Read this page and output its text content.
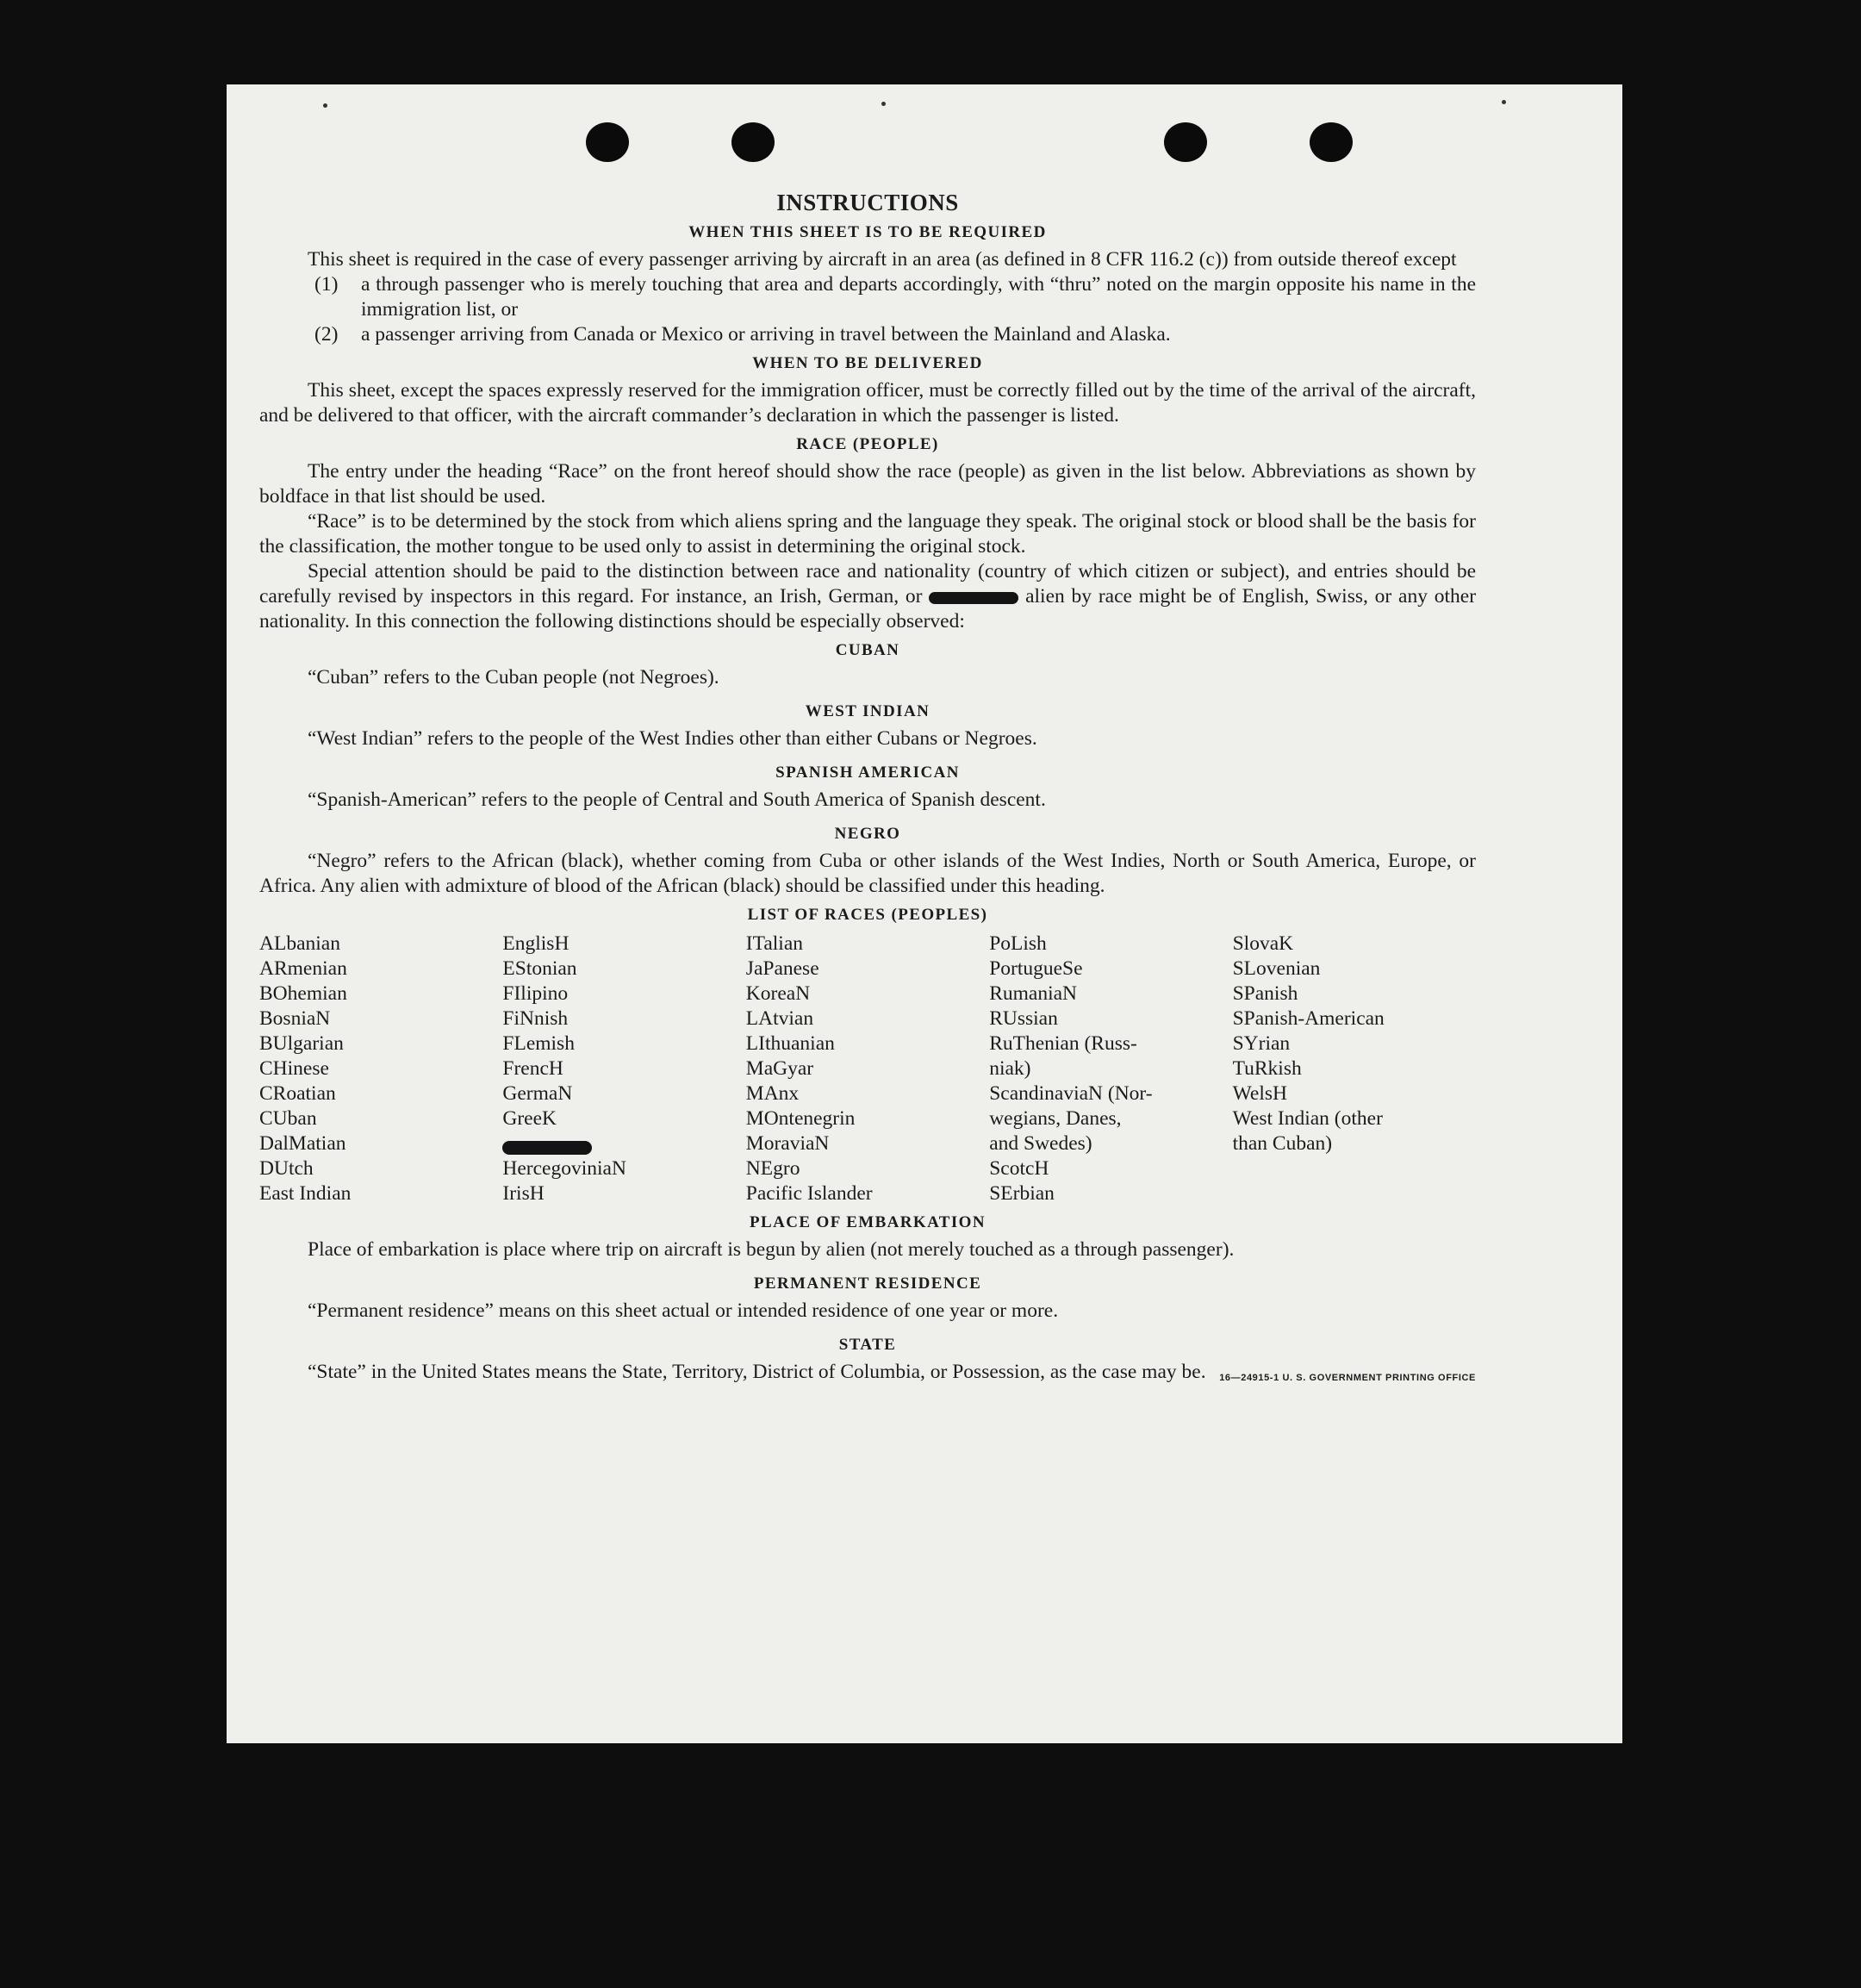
INSTRUCTIONS
WHEN THIS SHEET IS TO BE REQUIRED

This sheet is required in the case of every passenger arriving by aircraft in an area (as defined in 8 CFR 116.2 (c)) from outside thereof except

(1) a through passenger who is merely touching that area and departs accordingly, with “thru” noted on the margin opposite his name in the immigration list, or

(2) a passenger arriving from Canada or Mexico or arriving in travel between the Mainland and Alaska.

WHEN TO BE DELIVERED

This sheet, except the spaces expressly reserved for the immigration officer, must be correctly filled out by the time of the arrival of the aircraft, and be delivered to that officer, with the aircraft commander’s declaration in which the passenger is listed.

RACE (PEOPLE)

The entry under the heading “Race” on the front hereof should show the race (people) as given in the list below. Abbreviations as shown by boldface in that list should be used.

“Race” is to be determined by the stock from which aliens spring and the language they speak. The original stock or blood shall be the basis for the classification, the mother tongue to be used only to assist in determining the original stock.

Special attention should be paid to the distinction between race and nationality (country of which citizen or subject), and entries should be carefully revised by inspectors in this regard. For instance, an Irish, German, or	alien by race might be of English, Swiss, or any other nationality. In this connection the following distinctions should be especially observed:

CUBAN

“Cuban” refers to the Cuban people (not Negroes).

WEST INDIAN

“West Indian” refers to the people of the West Indies other than either Cubans or Negroes.

SPANISH AMERICAN

“Spanish-American” refers to the people of Central and South America of Spanish descent.

NEGRO

“Negro” refers to the African (black), whether coming from Cuba or other islands of the West Indies, North or South America, Europe, or Africa. Any alien with admixture of blood of the African (black) should be classified under this heading.

LIST OF RACES (PEOPLES)
ALbanian
ARmenian
BOhemian
BosniaN
BUlgarian
CHinese
CRoatian
CUban
DalMatian
DUtch
East Indian
EnglisH
EStonian
FIlipino
FiNnish
FLemish
FrencH
GermaN
GreeK
HercegoviniaN
IrisH
ITalian
JaPanese
KoreaN
LAtvian
LIthuanian
MaGyar
MAnx
MOntenegrin
MoraviaN
NEgro
Pacific Islander
PoLish
PortugueSe
RumaniaN
RUssian
RuThenian (Russ-
niak)
ScandinaviaN (Nor-
wegians, Danes,
and Swedes)
ScotcH
SErbian
SlovaK
SLovenian
SPanish
SPanish-American
SYrian
TuRkish
WelsH
West Indian (other
than Cuban)
PLACE OF EMBARKATION

Place of embarkation is place where trip on aircraft is begun by alien (not merely touched as a through passenger).

PERMANENT RESIDENCE

“Permanent residence” means on this sheet actual or intended residence of one year or more.

STATE

“State” in the United States means the State, Territory, District of Columbia, or Possession, as the case may be.	16—24915-1 U. S. GOVERNMENT PRINTING OFFICE
